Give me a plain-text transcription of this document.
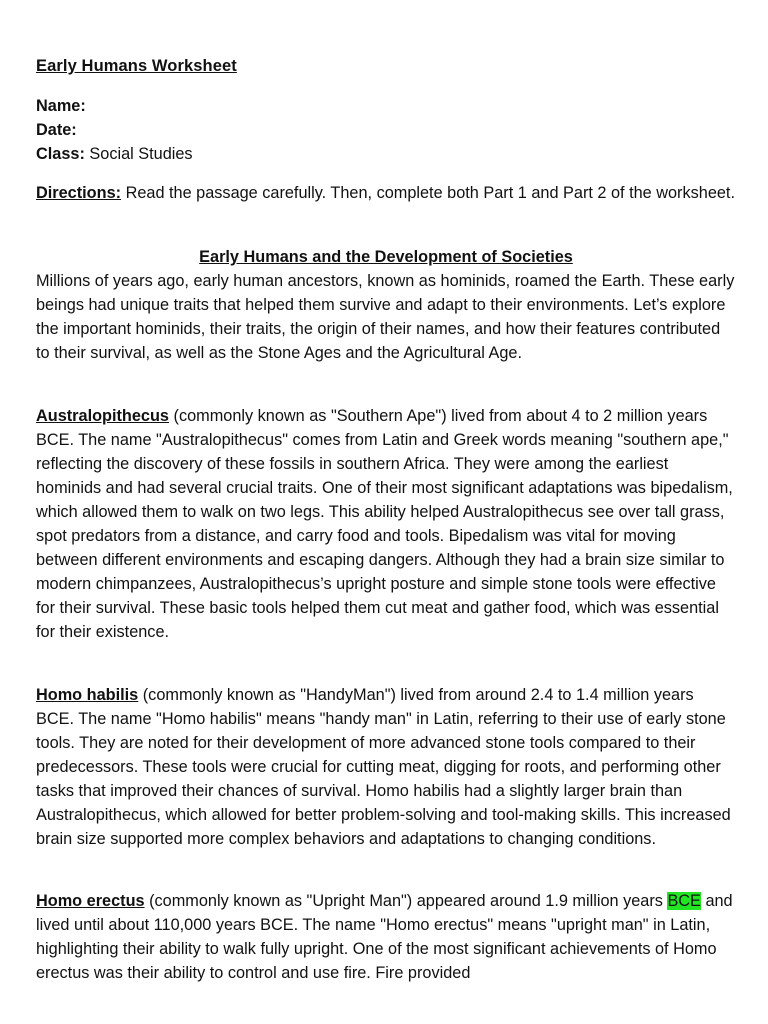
Early Humans Worksheet
Name:
Date:
Class: Social Studies

Directions: Read the passage carefully. Then, complete both Part 1 and Part 2 of the worksheet.

Early Humans and the Development of Societies

Millions of years ago, early human ancestors, known as hominids, roamed the Earth. These early beings had unique traits that helped them survive and adapt to their environments. Let’s explore the important hominids, their traits, the origin of their names, and how their features contributed to their survival, as well as the Stone Ages and the Agricultural Age.

Australopithecus (commonly known as "Southern Ape") lived from about 4 to 2 million years BCE. The name "Australopithecus" comes from Latin and Greek words meaning "southern ape," reflecting the discovery of these fossils in southern Africa. They were among the earliest hominids and had several crucial traits. One of their most significant adaptations was bipedalism, which allowed them to walk on two legs. This ability helped Australopithecus see over tall grass, spot predators from a distance, and carry food and tools. Bipedalism was vital for moving between different environments and escaping dangers. Although they had a brain size similar to modern chimpanzees, Australopithecus’s upright posture and simple stone tools were effective for their survival. These basic tools helped them cut meat and gather food, which was essential for their existence.

Homo habilis (commonly known as "HandyMan") lived from around 2.4 to 1.4 million years BCE. The name "Homo habilis" means "handy man" in Latin, referring to their use of early stone tools. They are noted for their development of more advanced stone tools compared to their predecessors. These tools were crucial for cutting meat, digging for roots, and performing other tasks that improved their chances of survival. Homo habilis had a slightly larger brain than Australopithecus, which allowed for better problem-solving and tool-making skills. This increased brain size supported more complex behaviors and adaptations to changing conditions.

Homo erectus (commonly known as "Upright Man") appeared around 1.9 million years BCE and lived until about 110,000 years BCE. The name "Homo erectus" means "upright man" in Latin, highlighting their ability to walk fully upright. One of the most significant achievements of Homo erectus was their ability to control and use fire. Fire provided
